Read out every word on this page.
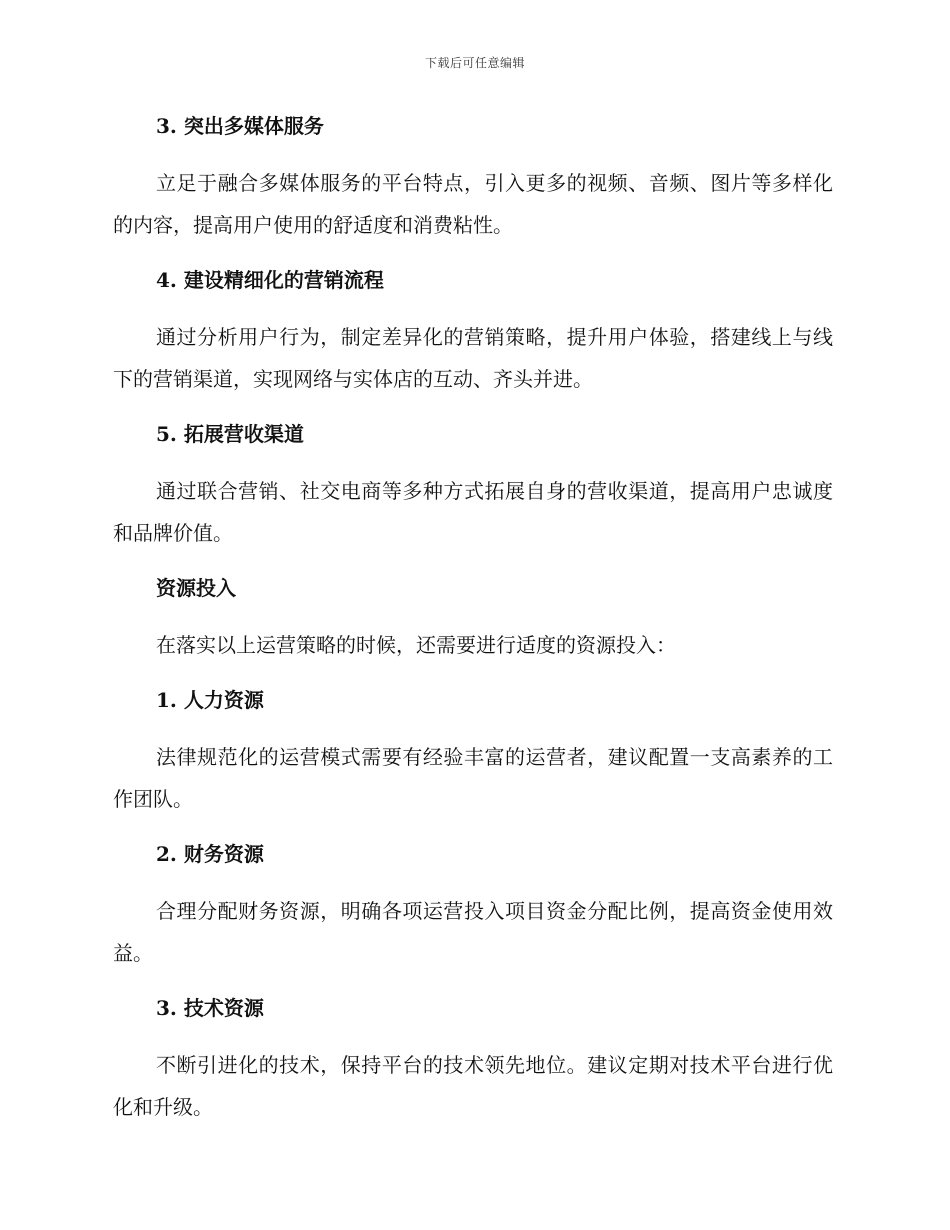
下载后可任意编辑
3. 突出多媒体服务

立足于融合多媒体服务的平台特点，引入更多的视频、音频、图片等多样化的内容，提高用户使用的舒适度和消费粘性。

4. 建设精细化的营销流程

通过分析用户行为，制定差异化的营销策略，提升用户体验，搭建线上与线下的营销渠道，实现网络与实体店的互动、齐头并进。

5. 拓展营收渠道

通过联合营销、社交电商等多种方式拓展自身的营收渠道，提高用户忠诚度和品牌价值。

资源投入

在落实以上运营策略的时候，还需要进行适度的资源投入：

1. 人力资源

法律规范化的运营模式需要有经验丰富的运营者，建议配置一支高素养的工作团队。

2. 财务资源

合理分配财务资源，明确各项运营投入项目资金分配比例，提高资金使用效益。

3. 技术资源

不断引进化的技术，保持平台的技术领先地位。建议定期对技术平台进行优化和升级。
